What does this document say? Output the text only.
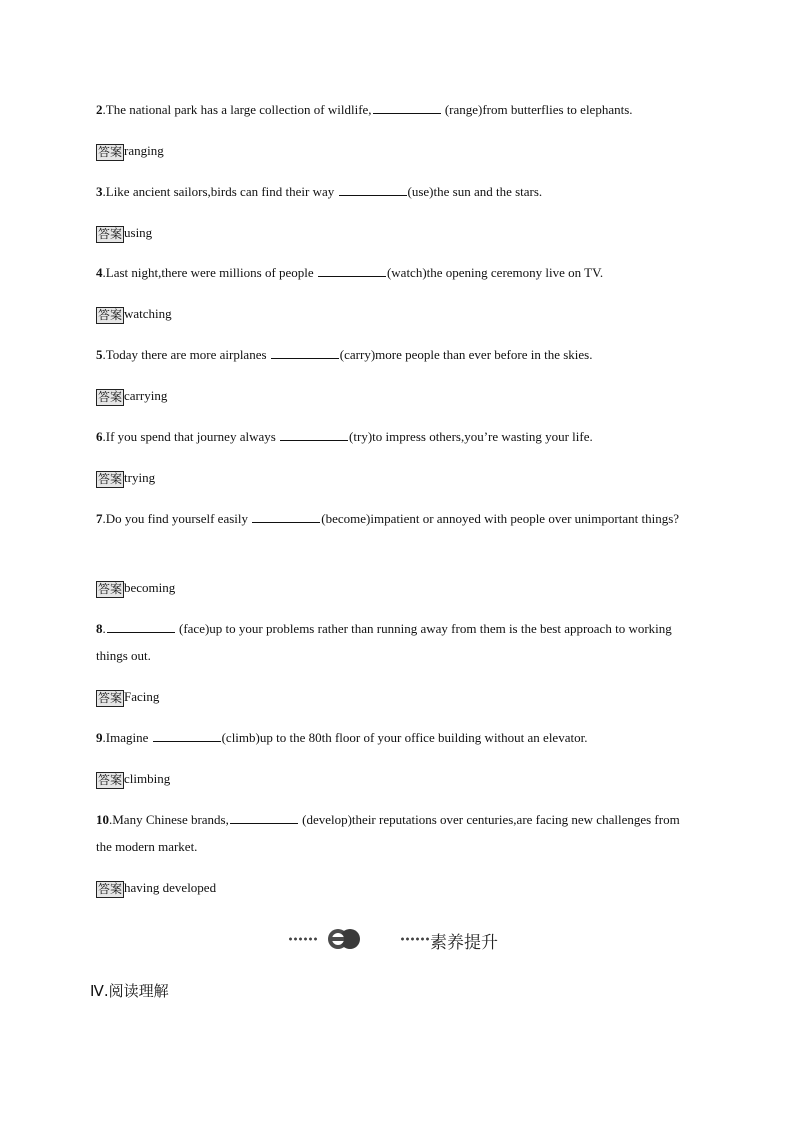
2.The national park has a large collection of wildlife,	(range)from butterflies to elephants.
答案 ranging
3.Like ancient sailors,birds can find their way	(use)the sun and the stars.
答案 using
4.Last night,there were millions of people	(watch)the opening ceremony live on TV.
答案 watching
5.Today there are more airplanes	(carry)more people than ever before in the skies.
答案 carrying
6.If you spend that journey always	(try)to impress others,you’re wasting your life.
答案 trying
7.Do you find yourself easily	(become)impatient or annoyed with people over unimportant things?
答案 becoming
8.	(face)up to your problems rather than running away from them is the best approach to working things out.
答案 Facing
9.Imagine	(climb)up to the 80th floor of your office building without an elevator.
答案 climbing
10.Many Chinese brands,	(develop)their reputations over centuries,are facing new challenges from the modern market.
答案 having developed
素养提升
Ⅳ.阅读理解
